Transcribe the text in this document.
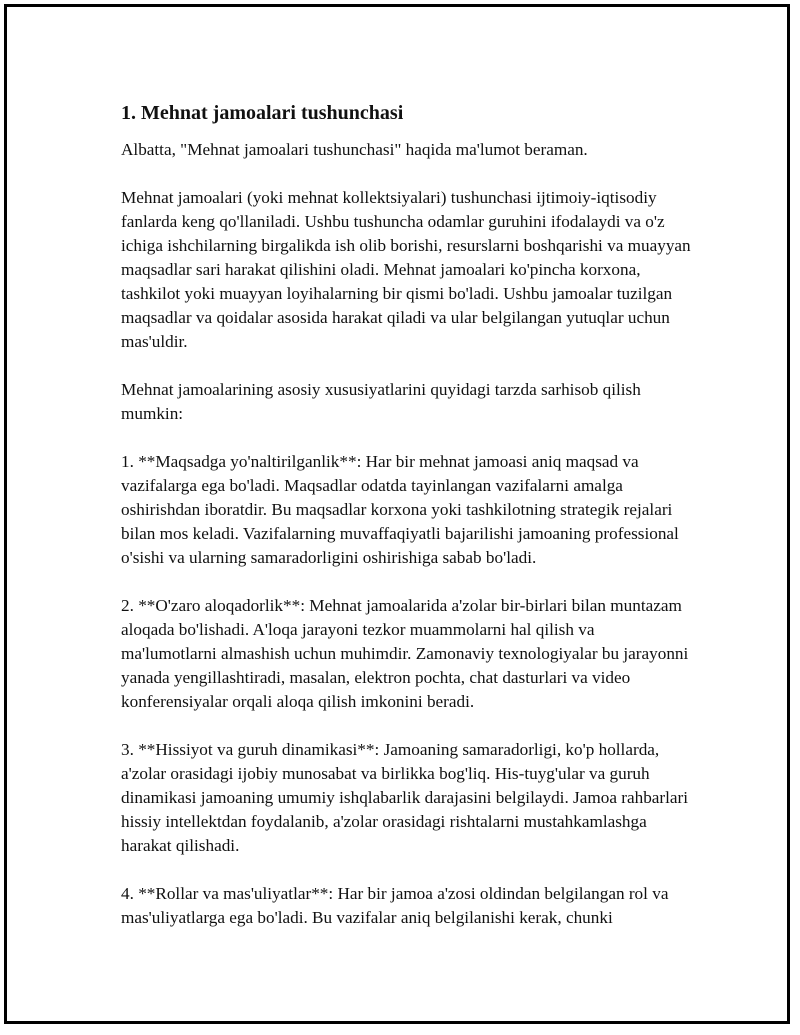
1. Mehnat jamoalari tushunchasi
Albatta, "Mehnat jamoalari tushunchasi" haqida ma'lumot beraman.
Mehnat jamoalari (yoki mehnat kollektsiyalari) tushunchasi ijtimoiy-iqtisodiy fanlarda keng qo'llaniladi. Ushbu tushuncha odamlar guruhini ifodalaydi va o'z ichiga ishchilarning birgalikda ish olib borishi, resurslarni boshqarishi va muayyan maqsadlar sari harakat qilishini oladi. Mehnat jamoalari ko'pincha korxona, tashkilot yoki muayyan loyihalarning bir qismi bo'ladi. Ushbu jamoalar tuzilgan maqsadlar va qoidalar asosida harakat qiladi va ular belgilangan yutuqlar uchun mas'uldir.
Mehnat jamoalarining asosiy xususiyatlarini quyidagi tarzda sarhisob qilish mumkin:
1. **Maqsadga yo'naltirilganlik**: Har bir mehnat jamoasi aniq maqsad va vazifalarga ega bo'ladi. Maqsadlar odatda tayinlangan vazifalarni amalga oshirishdan iboratdir. Bu maqsadlar korxona yoki tashkilotning strategik rejalari bilan mos keladi. Vazifalarning muvaffaqiyatli bajarilishi jamoaning professional o'sishi va ularning samaradorligini oshirishiga sabab bo'ladi.
2. **O'zaro aloqadorlik**: Mehnat jamoalarida a'zolar bir-birlari bilan muntazam aloqada bo'lishadi. A'loqa jarayoni tezkor muammolarni hal qilish va ma'lumotlarni almashish uchun muhimdir. Zamonaviy texnologiyalar bu jarayonni yanada yengillashtiradi, masalan, elektron pochta, chat dasturlari va video konferensiyalar orqali aloqa qilish imkonini beradi.
3. **Hissiyot va guruh dinamikasi**: Jamoaning samaradorligi, ko'p hollarda, a'zolar orasidagi ijobiy munosabat va birlikka bog'liq. His-tuyg'ular va guruh dinamikasi jamoaning umumiy ishqlabarlik darajasini belgilaydi. Jamoa rahbarlari hissiy intellektdan foydalanib, a'zolar orasidagi rishtalarni mustahkamlashga harakat qilishadi.
4. **Rollar va mas'uliyatlar**: Har bir jamoa a'zosi oldindan belgilangan rol va mas'uliyatlarga ega bo'ladi. Bu vazifalar aniq belgilanishi kerak, chunki
